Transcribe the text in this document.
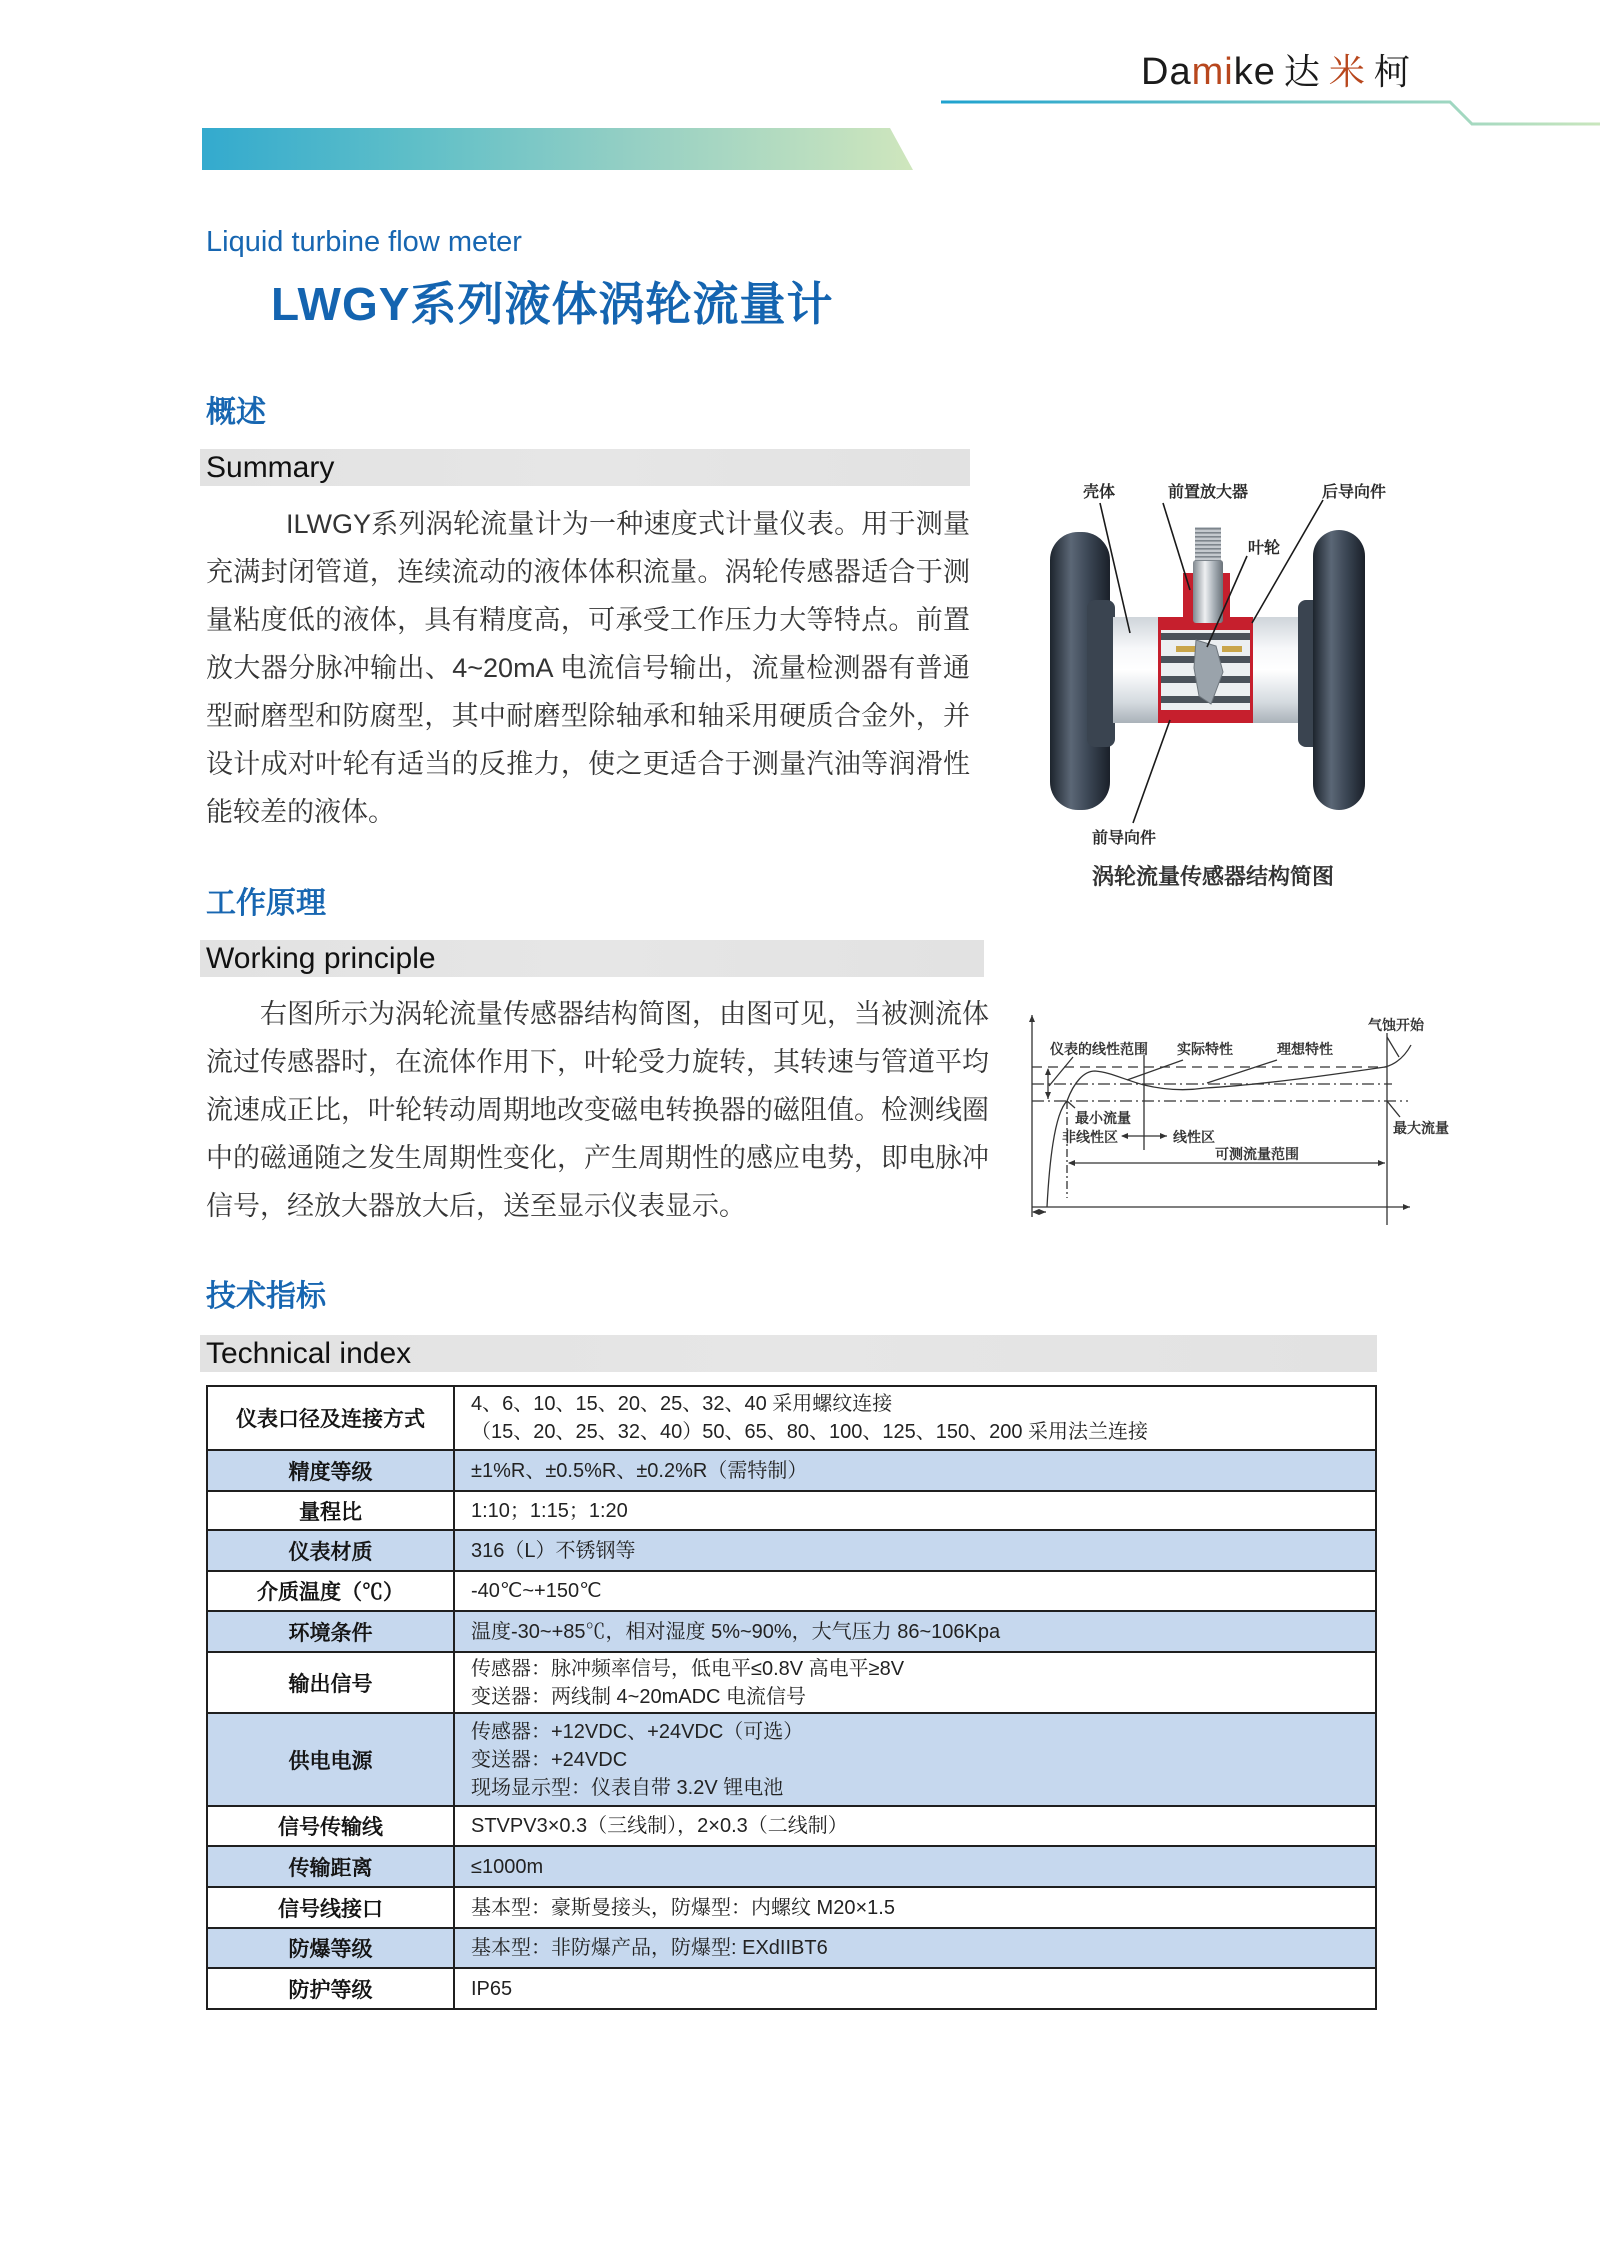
Damike 达 米 柯
Liquid turbine flow meter
LWGY系列液体涡轮流量计
概述
Summary
ILWGY系列涡轮流量计为一种速度式计量仪表。用于测量
充满封闭管道，连续流动的液体体积流量。涡轮传感器适合于测
量粘度低的液体，具有精度高，可承受工作压力大等特点。前置
放大器分脉冲输出、4~20mA 电流信号输出，流量检测器有普通
型耐磨型和防腐型，其中耐磨型除轴承和轴采用硬质合金外，并
设计成对叶轮有适当的反推力，使之更适合于测量汽油等润滑性
能较差的液体。
壳体	前置放大器	后导向件
叶轮
前导向件
涡轮流量传感器结构简图
工作原理
Working principle
右图所示为涡轮流量传感器结构简图，由图可见，当被测流体
流过传感器时，在流体作用下，叶轮受力旋转，其转速与管道平均
流速成正比，叶轮转动周期地改变磁电转换器的磁阻值。检测线圈
中的磁通随之发生周期性变化，产生周期性的感应电势，即电脉冲
信号，经放大器放大后，送至显示仪表显示。
气蚀开始
仪表的线性范围 实际特性	理想特性
最小流量
非线性区	线性区
最大流量
可测流量范围
技术指标
Technical index
仪表口径及连接方式	4、6、10、15、20、25、32、40 采用螺纹连接
（15、20、25、32、40）50、65、80、100、125、150、200 采用法兰连接

精度等级	±1%R、±0.5%R、±0.2%R（需特制）

量程比	1:10；1:15；1:20

仪表材质	316（L）不锈钢等

介质温度（℃）	-40℃~+150℃

环境条件	温度-30~+85℃，相对湿度 5%~90%，大气压力 86~106Kpa

输出信号	传感器：脉冲频率信号，低电平≤0.8V 高电平≥8V
变送器：两线制 4~20mADC 电流信号

供电电源	传感器：+12VDC、+24VDC（可选）
变送器：+24VDC
现场显示型：仪表自带 3.2V 锂电池

信号传输线	STVPV3×0.3（三线制），2×0.3（二线制）

传输距离	≤1000m

信号线接口	基本型：豪斯曼接头，防爆型：内螺纹 M20×1.5

防爆等级	基本型：非防爆产品，防爆型: EXdIIBT6

防护等级	IP65
